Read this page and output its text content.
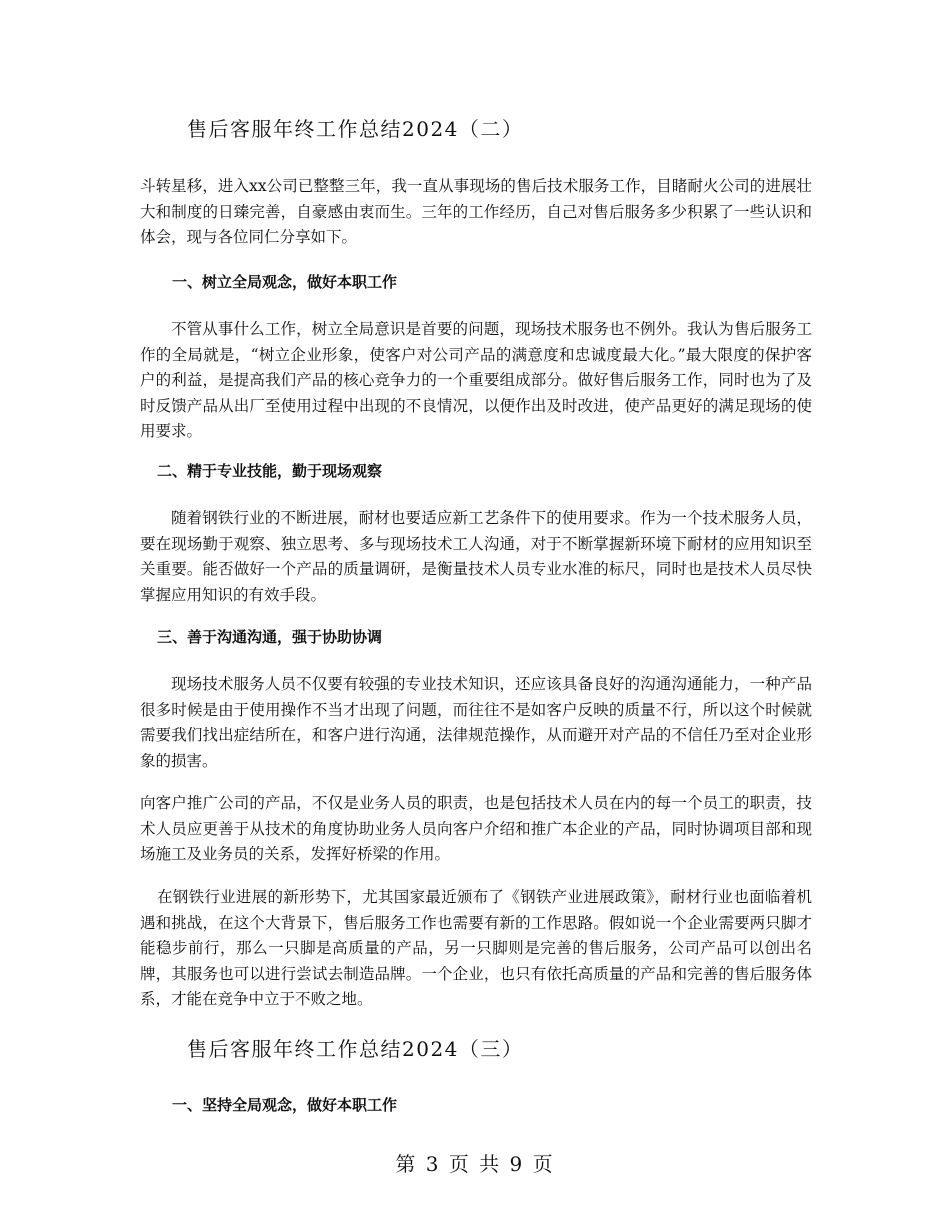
售后客服年终工作总结2024（二）
斗转星移，进入xx公司已整整三年，我一直从事现场的售后技术服务工作，目睹耐火公司的进展壮大和制度的日臻完善，自豪感由衷而生。三年的工作经历，自己对售后服务多少积累了一些认识和体会，现与各位同仁分享如下。
一、树立全局观念，做好本职工作
不管从事什么工作，树立全局意识是首要的问题，现场技术服务也不例外。我认为售后服务工作的全局就是，“树立企业形象，使客户对公司产品的满意度和忠诚度最大化。”最大限度的保护客户的利益，是提高我们产品的核心竞争力的一个重要组成部分。做好售后服务工作，同时也为了及时反馈产品从出厂至使用过程中出现的不良情况，以便作出及时改进，使产品更好的满足现场的使用要求。
二、精于专业技能，勤于现场观察
随着钢铁行业的不断进展，耐材也要适应新工艺条件下的使用要求。作为一个技术服务人员，要在现场勤于观察、独立思考、多与现场技术工人沟通，对于不断掌握新环境下耐材的应用知识至关重要。能否做好一个产品的质量调研，是衡量技术人员专业水准的标尺，同时也是技术人员尽快掌握应用知识的有效手段。
三、善于沟通沟通，强于协助协调
现场技术服务人员不仅要有较强的专业技术知识，还应该具备良好的沟通沟通能力，一种产品很多时候是由于使用操作不当才出现了问题，而往往不是如客户反映的质量不行，所以这个时候就需要我们找出症结所在，和客户进行沟通，法律规范操作，从而避开对产品的不信任乃至对企业形象的损害。
向客户推广公司的产品，不仅是业务人员的职责，也是包括技术人员在内的每一个员工的职责，技术人员应更善于从技术的角度协助业务人员向客户介绍和推广本企业的产品，同时协调项目部和现场施工及业务员的关系，发挥好桥梁的作用。
在钢铁行业进展的新形势下，尤其国家最近颁布了《钢铁产业进展政策》，耐材行业也面临着机遇和挑战，在这个大背景下，售后服务工作也需要有新的工作思路。假如说一个企业需要两只脚才能稳步前行，那么一只脚是高质量的产品，另一只脚则是完善的售后服务，公司产品可以创出名牌，其服务也可以进行尝试去制造品牌。一个企业，也只有依托高质量的产品和完善的售后服务体系，才能在竞争中立于不败之地。
售后客服年终工作总结2024（三）
一、坚持全局观念，做好本职工作
第 3 页 共 9 页
